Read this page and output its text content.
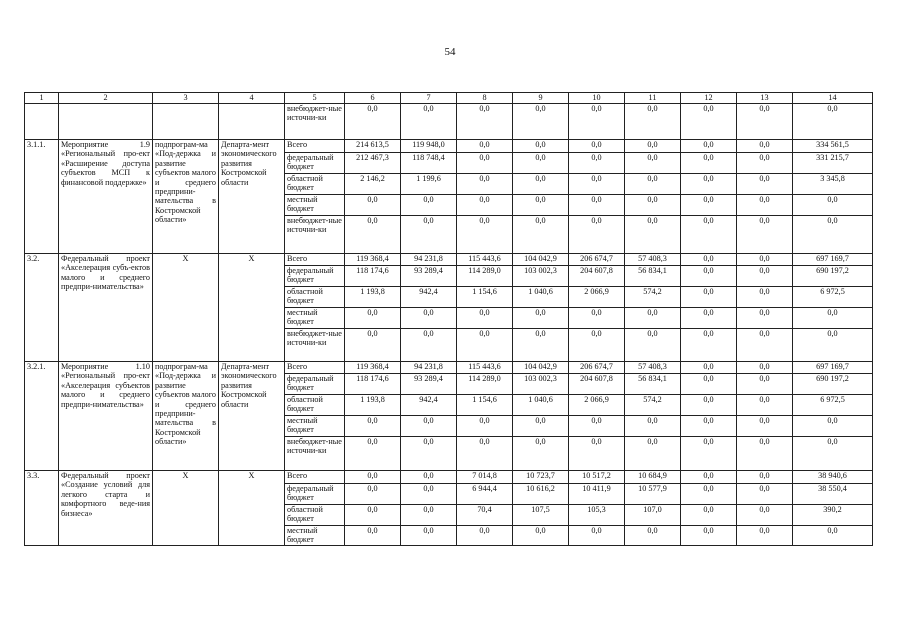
54
1	2	3	4	5	6	7	8	9	10	11	12	13	14
				внебюджет-ные источни-ки	0,0	0,0	0,0	0,0	0,0	0,0	0,0	0,0	0,0
3.1.1.	Мероприятие 1.9 «Региональный про-ект «Расширение доступа субъектов МСП к финансовой поддержке»	подпрограм-ма «Под-держка и развитие субъектов малого и среднего предприни-мательства в Костромской области»	Департа-мент экономического развития Костромской области	Всего	214 613,5	119 948,0	0,0	0,0	0,0	0,0	0,0	0,0	334 561,5
				федеральный бюджет	212 467,3	118 748,4	0,0	0,0	0,0	0,0	0,0	0,0	331 215,7
				областной бюджет	2 146,2	1 199,6	0,0	0,0	0,0	0,0	0,0	0,0	3 345,8
				местный бюджет	0,0	0,0	0,0	0,0	0,0	0,0	0,0	0,0	0,0
				внебюджет-ные источни-ки	0,0	0,0	0,0	0,0	0,0	0,0	0,0	0,0	0,0
3.2.	Федеральный проект «Акселерация субъ-ектов малого и среднего предпри-нимательства»	X	X	Всего	119 368,4	94 231,8	115 443,6	104 042,9	206 674,7	57 408,3	0,0	0,0	697 169,7
				федеральный бюджет	118 174,6	93 289,4	114 289,0	103 002,3	204 607,8	56 834,1	0,0	0,0	690 197,2
				областной бюджет	1 193,8	942,4	1 154,6	1 040,6	2 066,9	574,2	0,0	0,0	6 972,5
				местный бюджет	0,0	0,0	0,0	0,0	0,0	0,0	0,0	0,0	0,0
				внебюджет-ные источни-ки	0,0	0,0	0,0	0,0	0,0	0,0	0,0	0,0	0,0
3.2.1.	Мероприятие 1.10 «Региональный про-ект «Акселерация субъектов малого и среднего предпри-нимательства»	подпрограм-ма «Под-держка и развитие субъектов малого и среднего предприни-мательства в Костромской области»	Департа-мент экономического развития Костромской области	Всего	119 368,4	94 231,8	115 443,6	104 042,9	206 674,7	57 408,3	0,0	0,0	697 169,7
				федеральный бюджет	118 174,6	93 289,4	114 289,0	103 002,3	204 607,8	56 834,1	0,0	0,0	690 197,2
				областной бюджет	1 193,8	942,4	1 154,6	1 040,6	2 066,9	574,2	0,0	0,0	6 972,5
				местный бюджет	0,0	0,0	0,0	0,0	0,0	0,0	0,0	0,0	0,0
				внебюджет-ные источни-ки	0,0	0,0	0,0	0,0	0,0	0,0	0,0	0,0	0,0
3.3.	Федеральный проект «Создание условий для легкого старта и комфортного веде-ния бизнеса»	X	X	Всего	0,0	0,0	7 014,8	10 723,7	10 517,2	10 684,9	0,0	0,0	38 940,6
				федеральный бюджет	0,0	0,0	6 944,4	10 616,2	10 411,9	10 577,9	0,0	0,0	38 550,4
				областной бюджет	0,0	0,0	70,4	107,5	105,3	107,0	0,0	0,0	390,2
				местный бюджет	0,0	0,0	0,0	0,0	0,0	0,0	0,0	0,0	0,0
